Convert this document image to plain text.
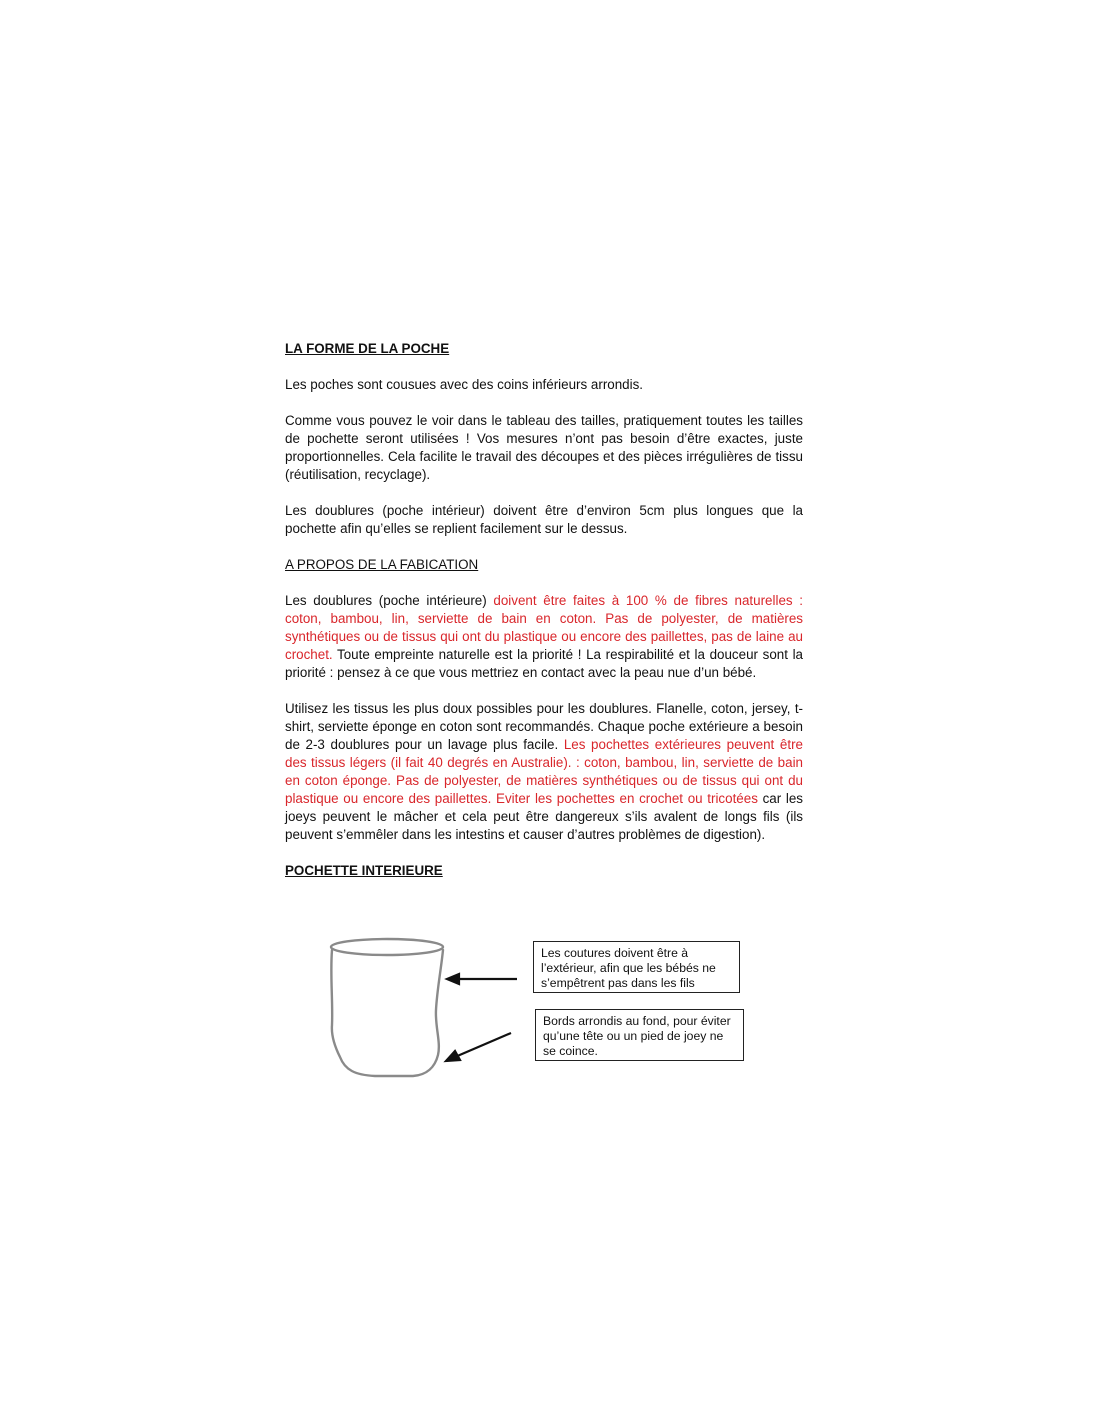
LA FORME DE LA POCHE

Les poches sont cousues avec des coins inférieurs arrondis.

Comme vous pouvez le voir dans le tableau des tailles, pratiquement toutes les tailles de pochette seront utilisées ! Vos mesures n’ont pas besoin d’être exactes, juste proportionnelles. Cela facilite le travail des découpes et des pièces irrégulières de tissu (réutilisation, recyclage).

Les doublures (poche intérieur) doivent être d’environ 5cm plus longues que la pochette afin qu’elles se replient facilement sur le dessus.

A PROPOS DE LA FABICATION

Les doublures (poche intérieure) doivent être faites à 100 % de fibres naturelles : coton, bambou, lin, serviette de bain en coton. Pas de polyester, de matières synthétiques ou de tissus qui ont du plastique ou encore des paillettes, pas de laine au crochet. Toute empreinte naturelle est la priorité ! La respirabilité et la douceur sont la priorité : pensez à ce que vous mettriez en contact avec la peau nue d’un bébé.

Utilisez les tissus les plus doux possibles pour les doublures. Flanelle, coton, jersey, t-shirt, serviette éponge en coton sont recommandés. Chaque poche extérieure a besoin de 2-3 doublures pour un lavage plus facile. Les pochettes extérieures peuvent être des tissus légers (il fait 40 degrés en Australie). : coton, bambou, lin, serviette de bain en coton éponge. Pas de polyester, de matières synthétiques ou de tissus qui ont du plastique ou encore des paillettes. Eviter les pochettes en crochet ou tricotées car les joeys peuvent le mâcher et cela peut être dangereux s’ils avalent de longs fils (ils peuvent s’emmêler dans les intestins et causer d’autres problèmes de digestion).

POCHETTE INTERIEURE
Les coutures doivent être à l’extérieur, afin que les bébés ne s’empêtrent pas dans les fils
Bords arrondis au fond, pour éviter qu’une tête ou un pied de joey ne se coince.
